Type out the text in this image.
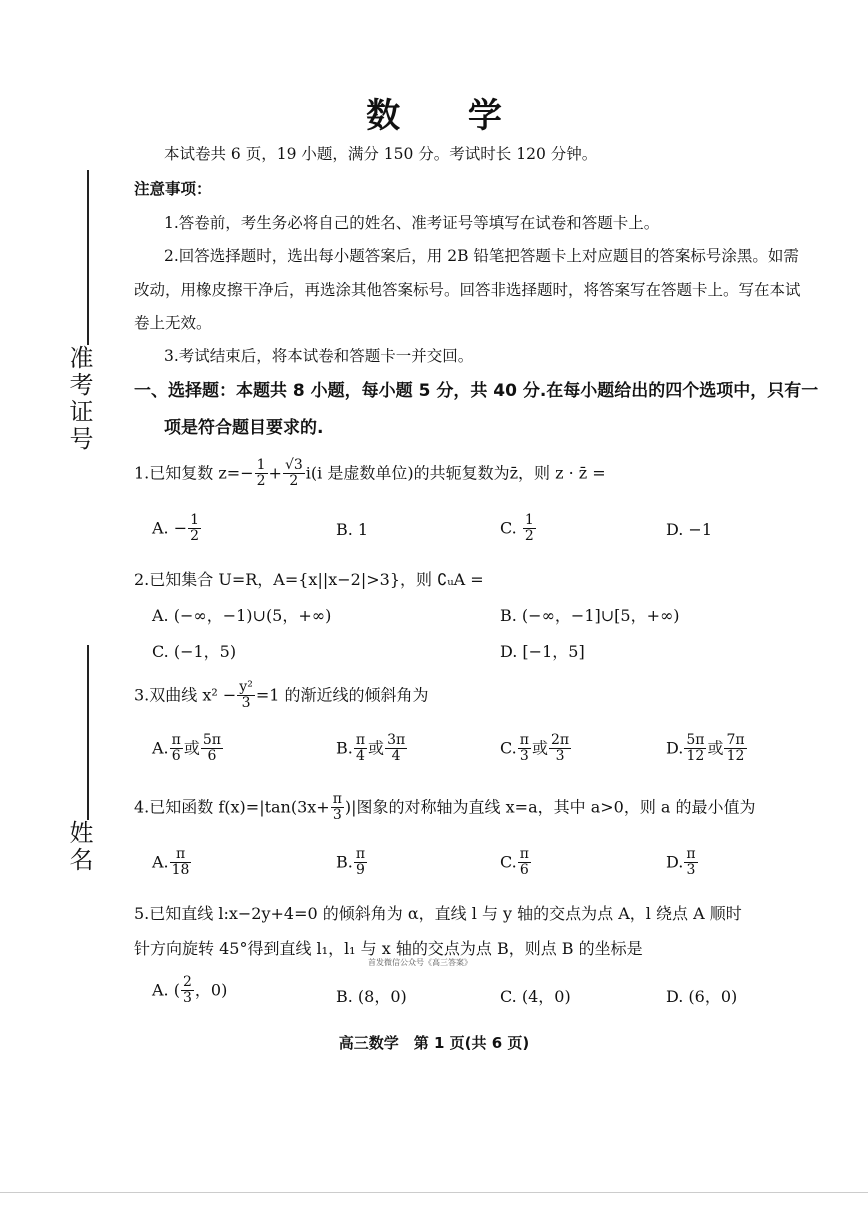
数 学
本试卷共 6 页，19 小题，满分 150 分。考试时长 120 分钟。
注意事项：
1.答卷前，考生务必将自己的姓名、准考证号等填写在试卷和答题卡上。
2.回答选择题时，选出每小题答案后，用 2B 铅笔把答题卡上对应题目的答案标号涂黑。如需
改动，用橡皮擦干净后，再选涂其他答案标号。回答非选择题时，将答案写在答题卡上。写在本试
卷上无效。
3.考试结束后，将本试卷和答题卡一并交回。
一、选择题：本题共 8 小题，每小题 5 分，共 40 分.在每小题给出的四个选项中，只有一
项是符合题目要求的.
准考证号
姓名
1.已知复数 $z=- \frac{1}{2} + \frac{√3}{2} i(i$ 是虚数单位)的共轭复数为z̄，则 z · z̄ =
A. − $\frac{1}{2}$	B. 1	C. $\frac{1}{2}$	D. −1
2.已知集合 U=R，A={x||x−2|>3}，则 ∁ᵤA =
A. (−∞，−1)∪(5，+∞)	B. (−∞，−1]∪[5，+∞)
C. (−1，5)	D. [−1，5]
3.双曲线 $x^2 - \frac{\text{y²}}{3} =1$ 的渐近线的倾斜角为
A. $\frac{\pi}{6}$ 或 $\frac{5\pi}{6}$	B. $\frac{\pi}{4}$ 或 $\frac{3\pi}{4}$	C. $\frac{\pi}{3}$ 或 $\frac{2\pi}{3}$	D. $\frac{5\pi}{12}$ 或 $\frac{7\pi}{12}$
4.已知函数 $f(x)=|\tan(3x+ \frac{\pi}{3}$ )|图象的对称轴为直线 x=a，其中 a>0，则 a 的最小值为
A. $\frac{\pi}{18}$	B. $\frac{\pi}{9}$	C. $\frac{\pi}{6}$	D. $\frac{\pi}{3}$
5.已知直线 l:x−2y+4=0 的倾斜角为 α，直线 l 与 y 轴的交点为点 A，l 绕点 A 顺时
针方向旋转 45°得到直线 l₁，l₁ 与 x 轴的交点为点 B，则点 B 的坐标是
首发微信公众号《高三答案》
A. ( $\frac{2}{3}$ ，0)	B. (8，0)	C. (4，0)	D. (6，0)
高三数学　第 1 页(共 6 页)
